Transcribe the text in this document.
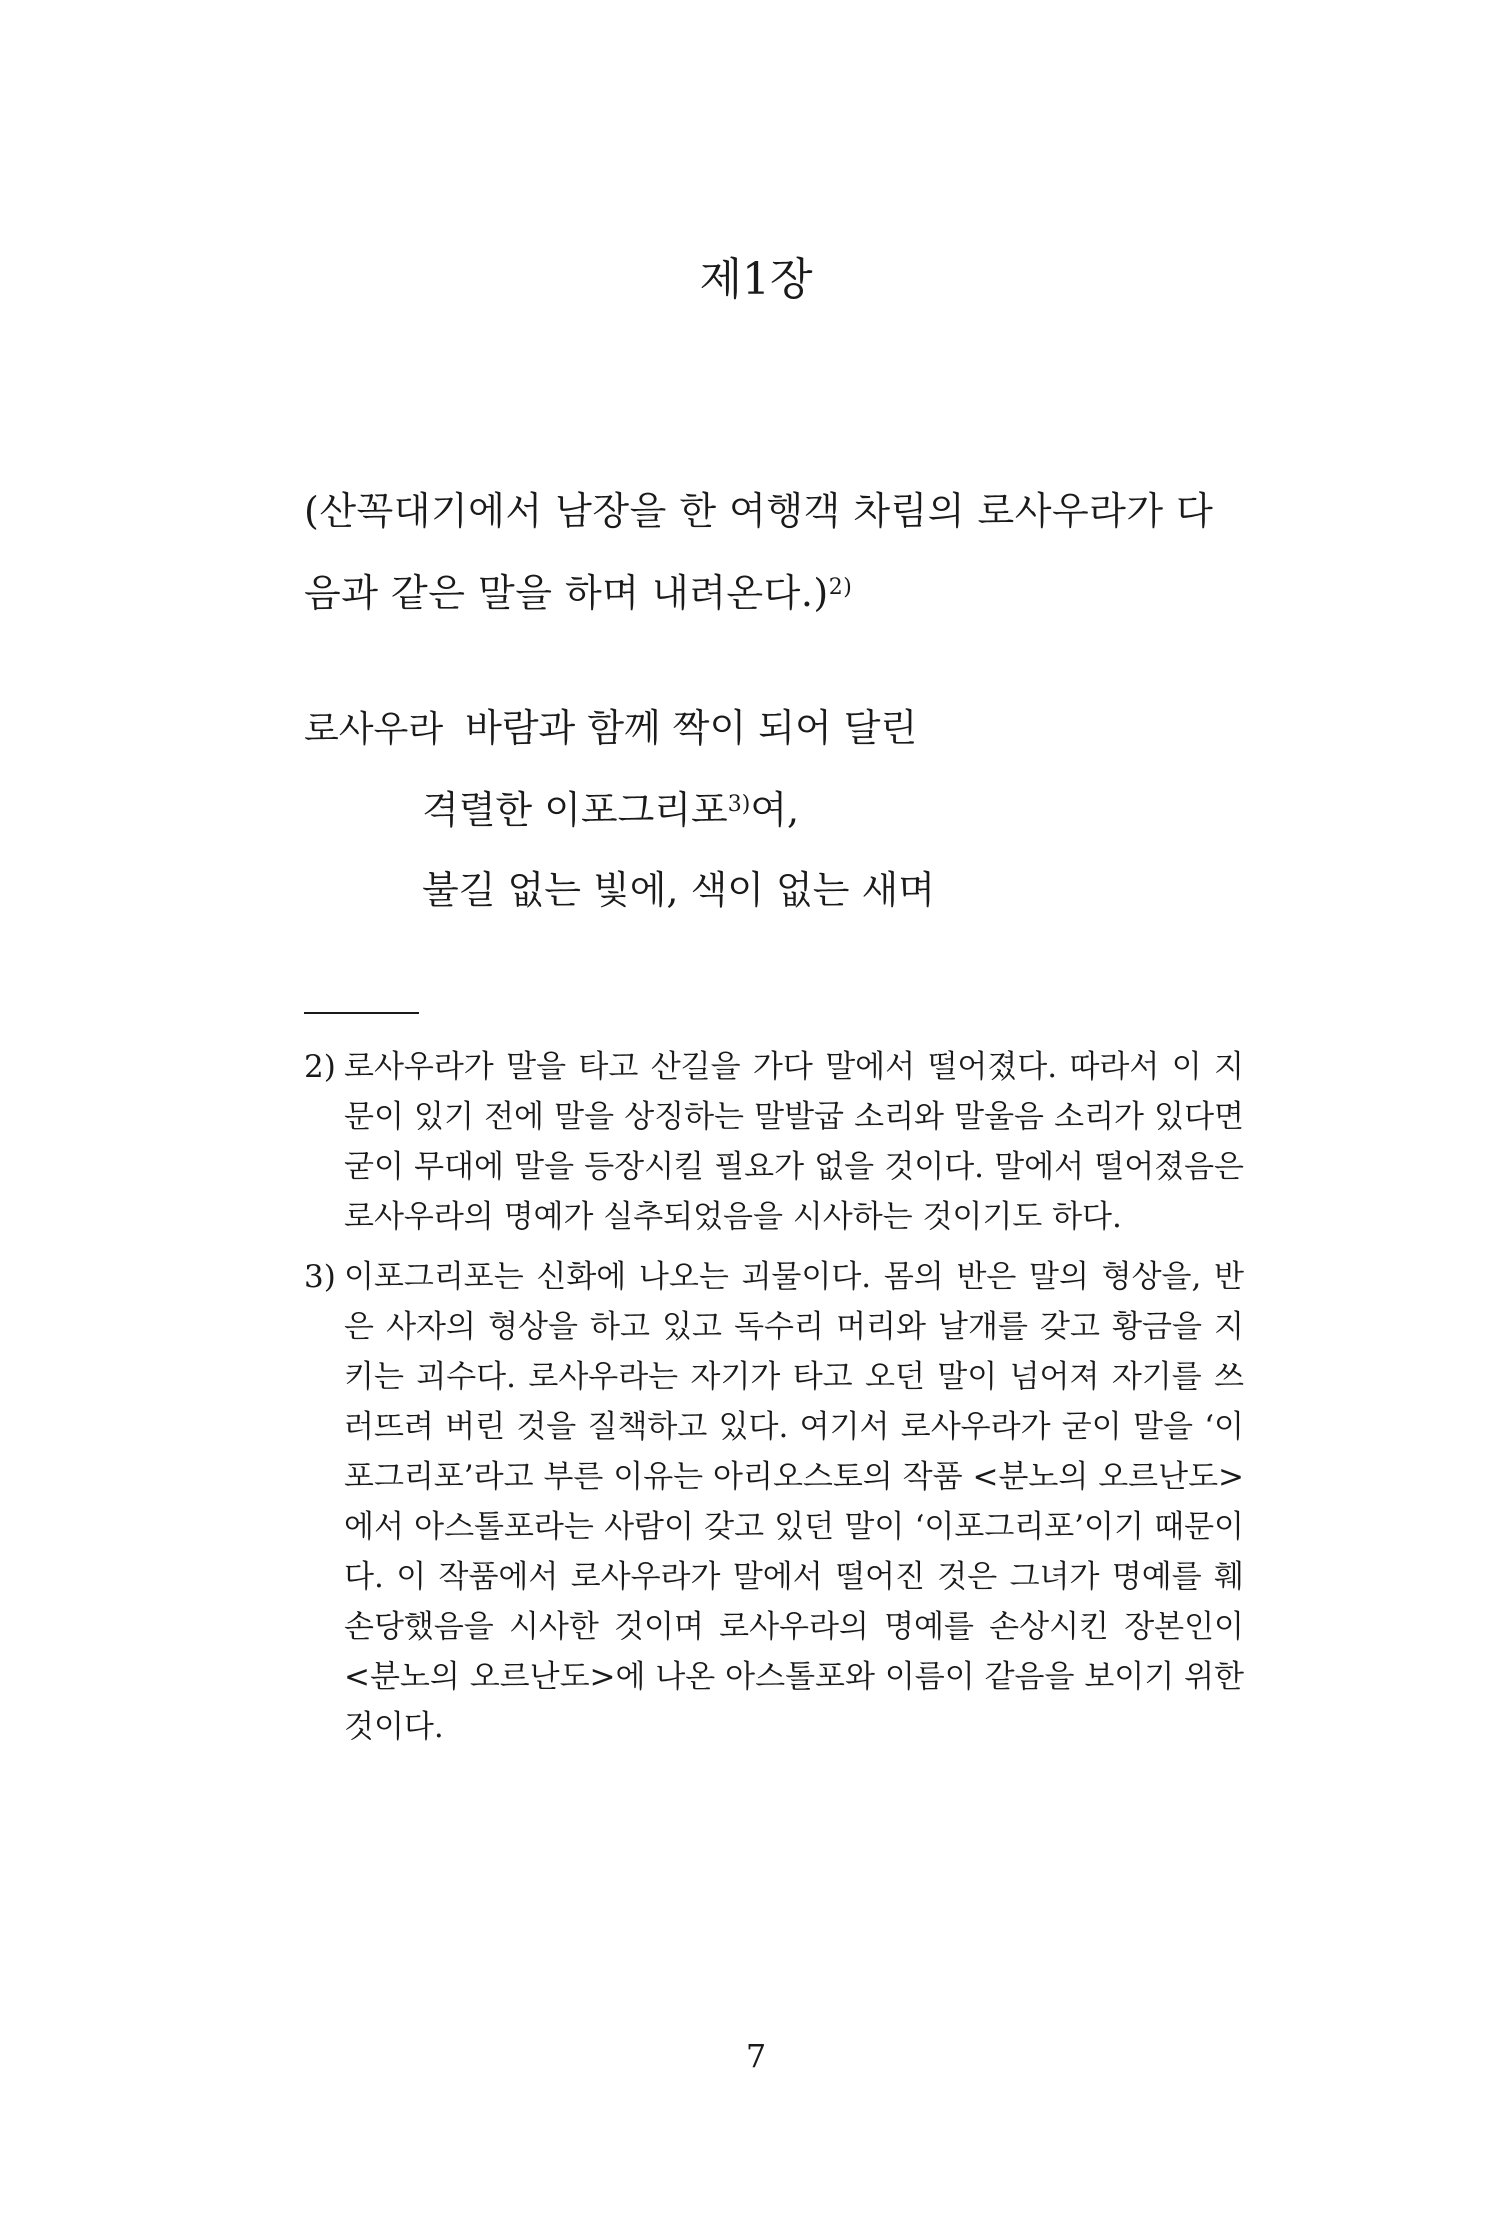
제1장
(산꼭대기에서 남장을 한 여행객 차림의 로사우라가 다음과 같은 말을 하며 내려온다.)$^{2)}$
로사우라 바람과 함께 짝이 되어 달린
격렬한 이포그리포$^{3)}$여,
불길 없는 빛에, 색이 없는 새며
2) 로사우라가 말을 타고 산길을 가다 말에서 떨어졌다. 따라서 이 지문이 있기 전에 말을 상징하는 말발굽 소리와 말울음 소리가 있다면 굳이 무대에 말을 등장시킬 필요가 없을 것이다. 말에서 떨어졌음은 로사우라의 명예가 실추되었음을 시사하는 것이기도 하다.
3) 이포그리포는 신화에 나오는 괴물이다. 몸의 반은 말의 형상을, 반은 사자의 형상을 하고 있고 독수리 머리와 날개를 갖고 황금을 지키는 괴수다. 로사우라는 자기가 타고 오던 말이 넘어져 자기를 쓰러뜨려 버린 것을 질책하고 있다. 여기서 로사우라가 굳이 말을 ‘이포그리포’라고 부른 이유는 아리오스토의 작품 <분노의 오르난도>에서 아스톨포라는 사람이 갖고 있던 말이 ‘이포그리포’이기 때문이다. 이 작품에서 로사우라가 말에서 떨어진 것은 그녀가 명예를 훼손당했음을 시사한 것이며 로사우라의 명예를 손상시킨 장본인이 <분노의 오르난도>에 나온 아스톨포와 이름이 같음을 보이기 위한 것이다.
7
